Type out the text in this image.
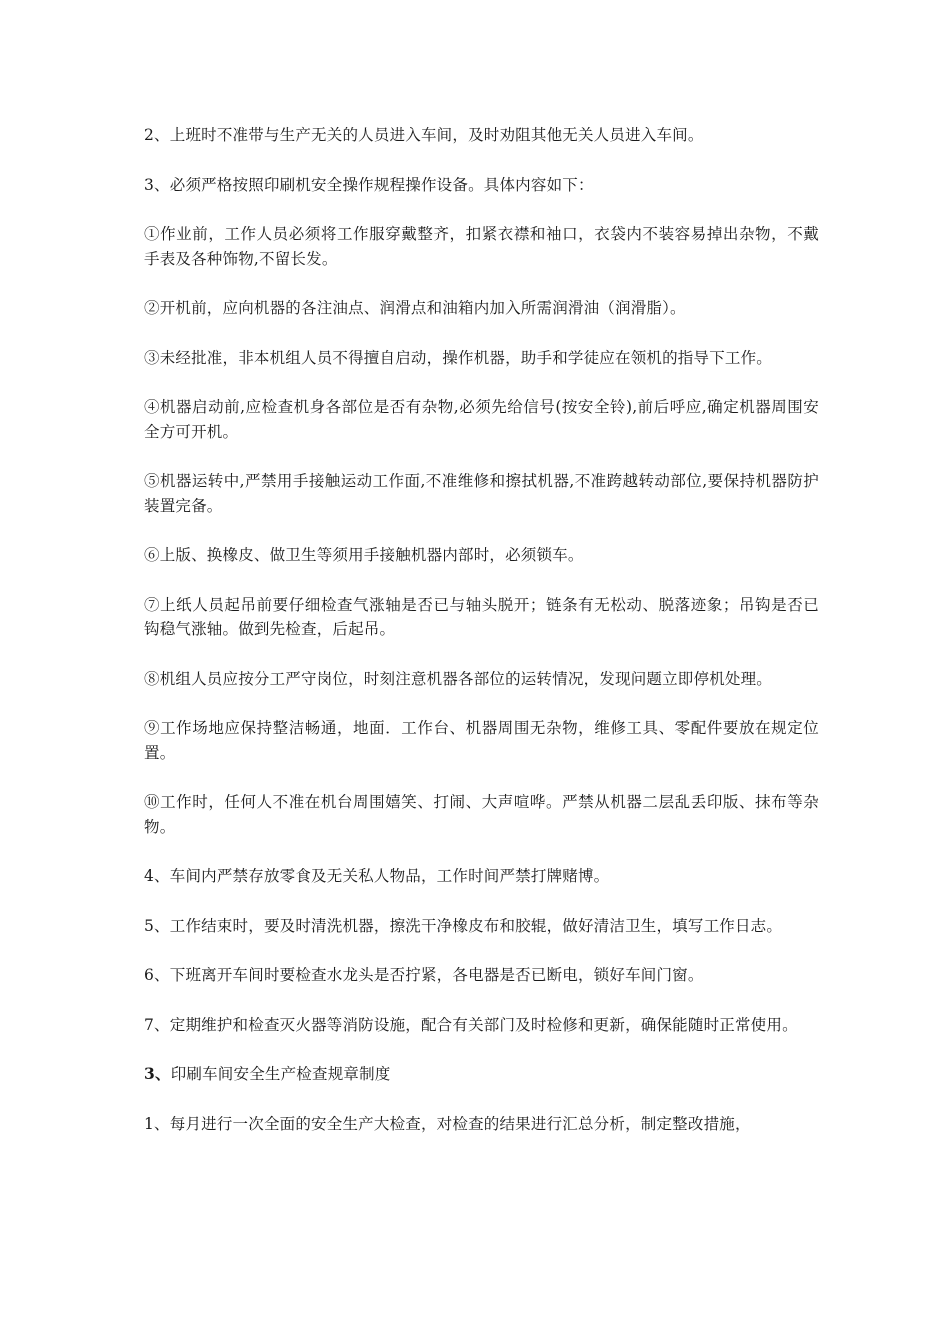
2、上班时不准带与生产无关的人员进入车间，及时劝阻其他无关人员进入车间。

3、必须严格按照印刷机安全操作规程操作设备。具体内容如下：

①作业前，工作人员必须将工作服穿戴整齐，扣紧衣襟和袖口，衣袋内不装容易掉出杂物，不戴手表及各种饰物,不留长发。

②开机前，应向机器的各注油点、润滑点和油箱内加入所需润滑油（润滑脂）。

③未经批准，非本机组人员不得擅自启动，操作机器，助手和学徒应在领机的指导下工作。

④机器启动前,应检查机身各部位是否有杂物,必须先给信号(按安全铃),前后呼应,确定机器周围安全方可开机。

⑤机器运转中,严禁用手接触运动工作面,不准维修和擦拭机器,不准跨越转动部位,要保持机器防护装置完备。

⑥上版、换橡皮、做卫生等须用手接触机器内部时，必须锁车。

⑦上纸人员起吊前要仔细检查气涨轴是否已与轴头脱开；链条有无松动、脱落迹象；吊钩是否已钩稳气涨轴。做到先检查，后起吊。

⑧机组人员应按分工严守岗位，时刻注意机器各部位的运转情况，发现问题立即停机处理。

⑨工作场地应保持整洁畅通，地面．工作台、机器周围无杂物，维修工具、零配件要放在规定位置。

⑩工作时，任何人不准在机台周围嬉笑、打闹、大声喧哗。严禁从机器二层乱丢印版、抹布等杂物。

4、车间内严禁存放零食及无关私人物品，工作时间严禁打牌赌博。

5、工作结束时，要及时清洗机器，擦洗干净橡皮布和胶辊，做好清洁卫生，填写工作日志。

6、下班离开车间时要检查水龙头是否拧紧，各电器是否已断电，锁好车间门窗。

7、定期维护和检查灭火器等消防设施，配合有关部门及时检修和更新，确保能随时正常使用。

3、印刷车间安全生产检查规章制度

1、每月进行一次全面的安全生产大检查，对检查的结果进行汇总分析，制定整改措施，
